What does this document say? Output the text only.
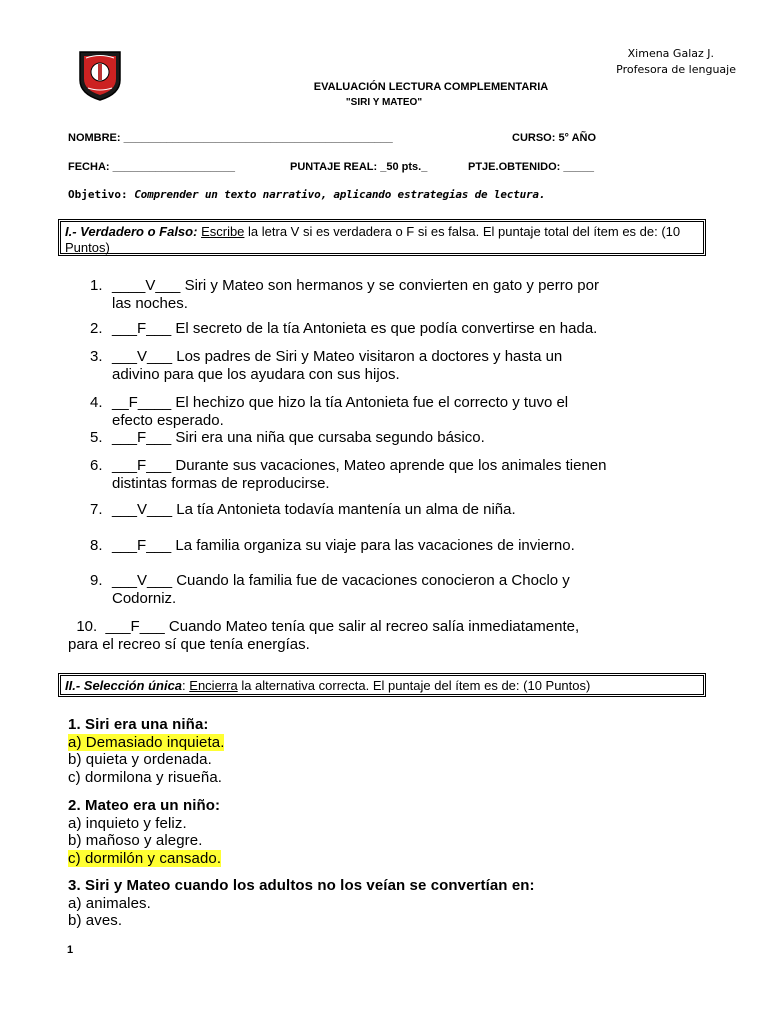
Ximena Galaz J.
Profesora de lenguaje
EVALUACIÓN LECTURA COMPLEMENTARIA
"SIRI Y MATEO"
NOMBRE: ____________________________________________	CURSO: 5° AÑO
FECHA: ____________________	PUNTAJE REAL: _50 pts._	PTJE.OBTENIDO: _____
Objetivo: Comprender un texto narrativo, aplicando estrategias de lectura.
I.- Verdadero o Falso: Escribe la letra V si es verdadera o F si es falsa. El puntaje total del ítem es de: (10 Puntos)
1. ____V___ Siri y Mateo son hermanos y se convierten en gato y perro por
las noches.
2. ___F___ El secreto de la tía Antonieta es que podía convertirse en hada.
3. ___V___ Los padres de Siri y Mateo visitaron a doctores y hasta un
adivino para que los ayudara con sus hijos.
4. __F____ El hechizo que hizo la tía Antonieta fue el correcto y tuvo el
efecto esperado.
5. ___F___ Siri era una niña que cursaba segundo básico.
6. ___F___ Durante sus vacaciones, Mateo aprende que los animales tienen
distintas formas de reproducirse.
7. ___V___ La tía Antonieta todavía mantenía un alma de niña.
8. ___F___ La familia organiza su viaje para las vacaciones de invierno.
9. ___V___ Cuando la familia fue de vacaciones conocieron a Choclo y
Codorniz.
10.  ___F___ Cuando Mateo tenía que salir al recreo salía inmediatamente,
para el recreo sí que tenía energías.
II.- Selección única: Encierra la alternativa correcta. El puntaje del ítem es de: (10 Puntos)
1. Siri era una niña:
a) Demasiado inquieta.
b) quieta y ordenada.
c) dormilona y risueña.
2. Mateo era un niño:
a) inquieto y feliz.
b) mañoso y alegre.
c) dormilón y cansado.
3. Siri y Mateo cuando los adultos no los veían se convertían en:
a) animales.
b) aves.
1
